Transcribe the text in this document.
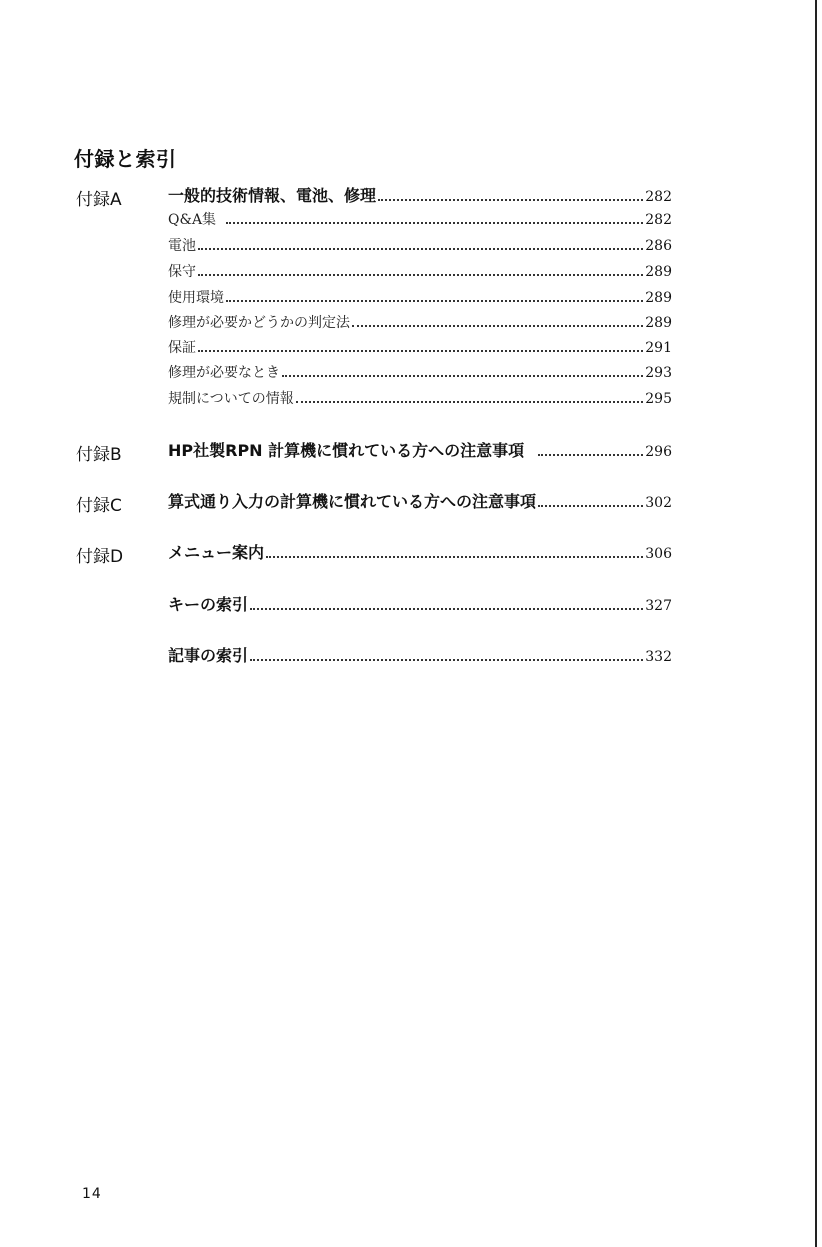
付録と索引
付録A	一般的技術情報、電池、修理	282
Q&A集	282
電池	286
保守	289
使用環境	289
修理が必要かどうかの判定法	289
保証	291
修理が必要なとき	293
規制についての情報	295
付録B	HP社製RPN 計算機に慣れている方への注意事項	296
付録C	算式通り入力の計算機に慣れている方への注意事項	302
付録D	メニュー案内	306
キーの索引	327
記事の索引	332
14
